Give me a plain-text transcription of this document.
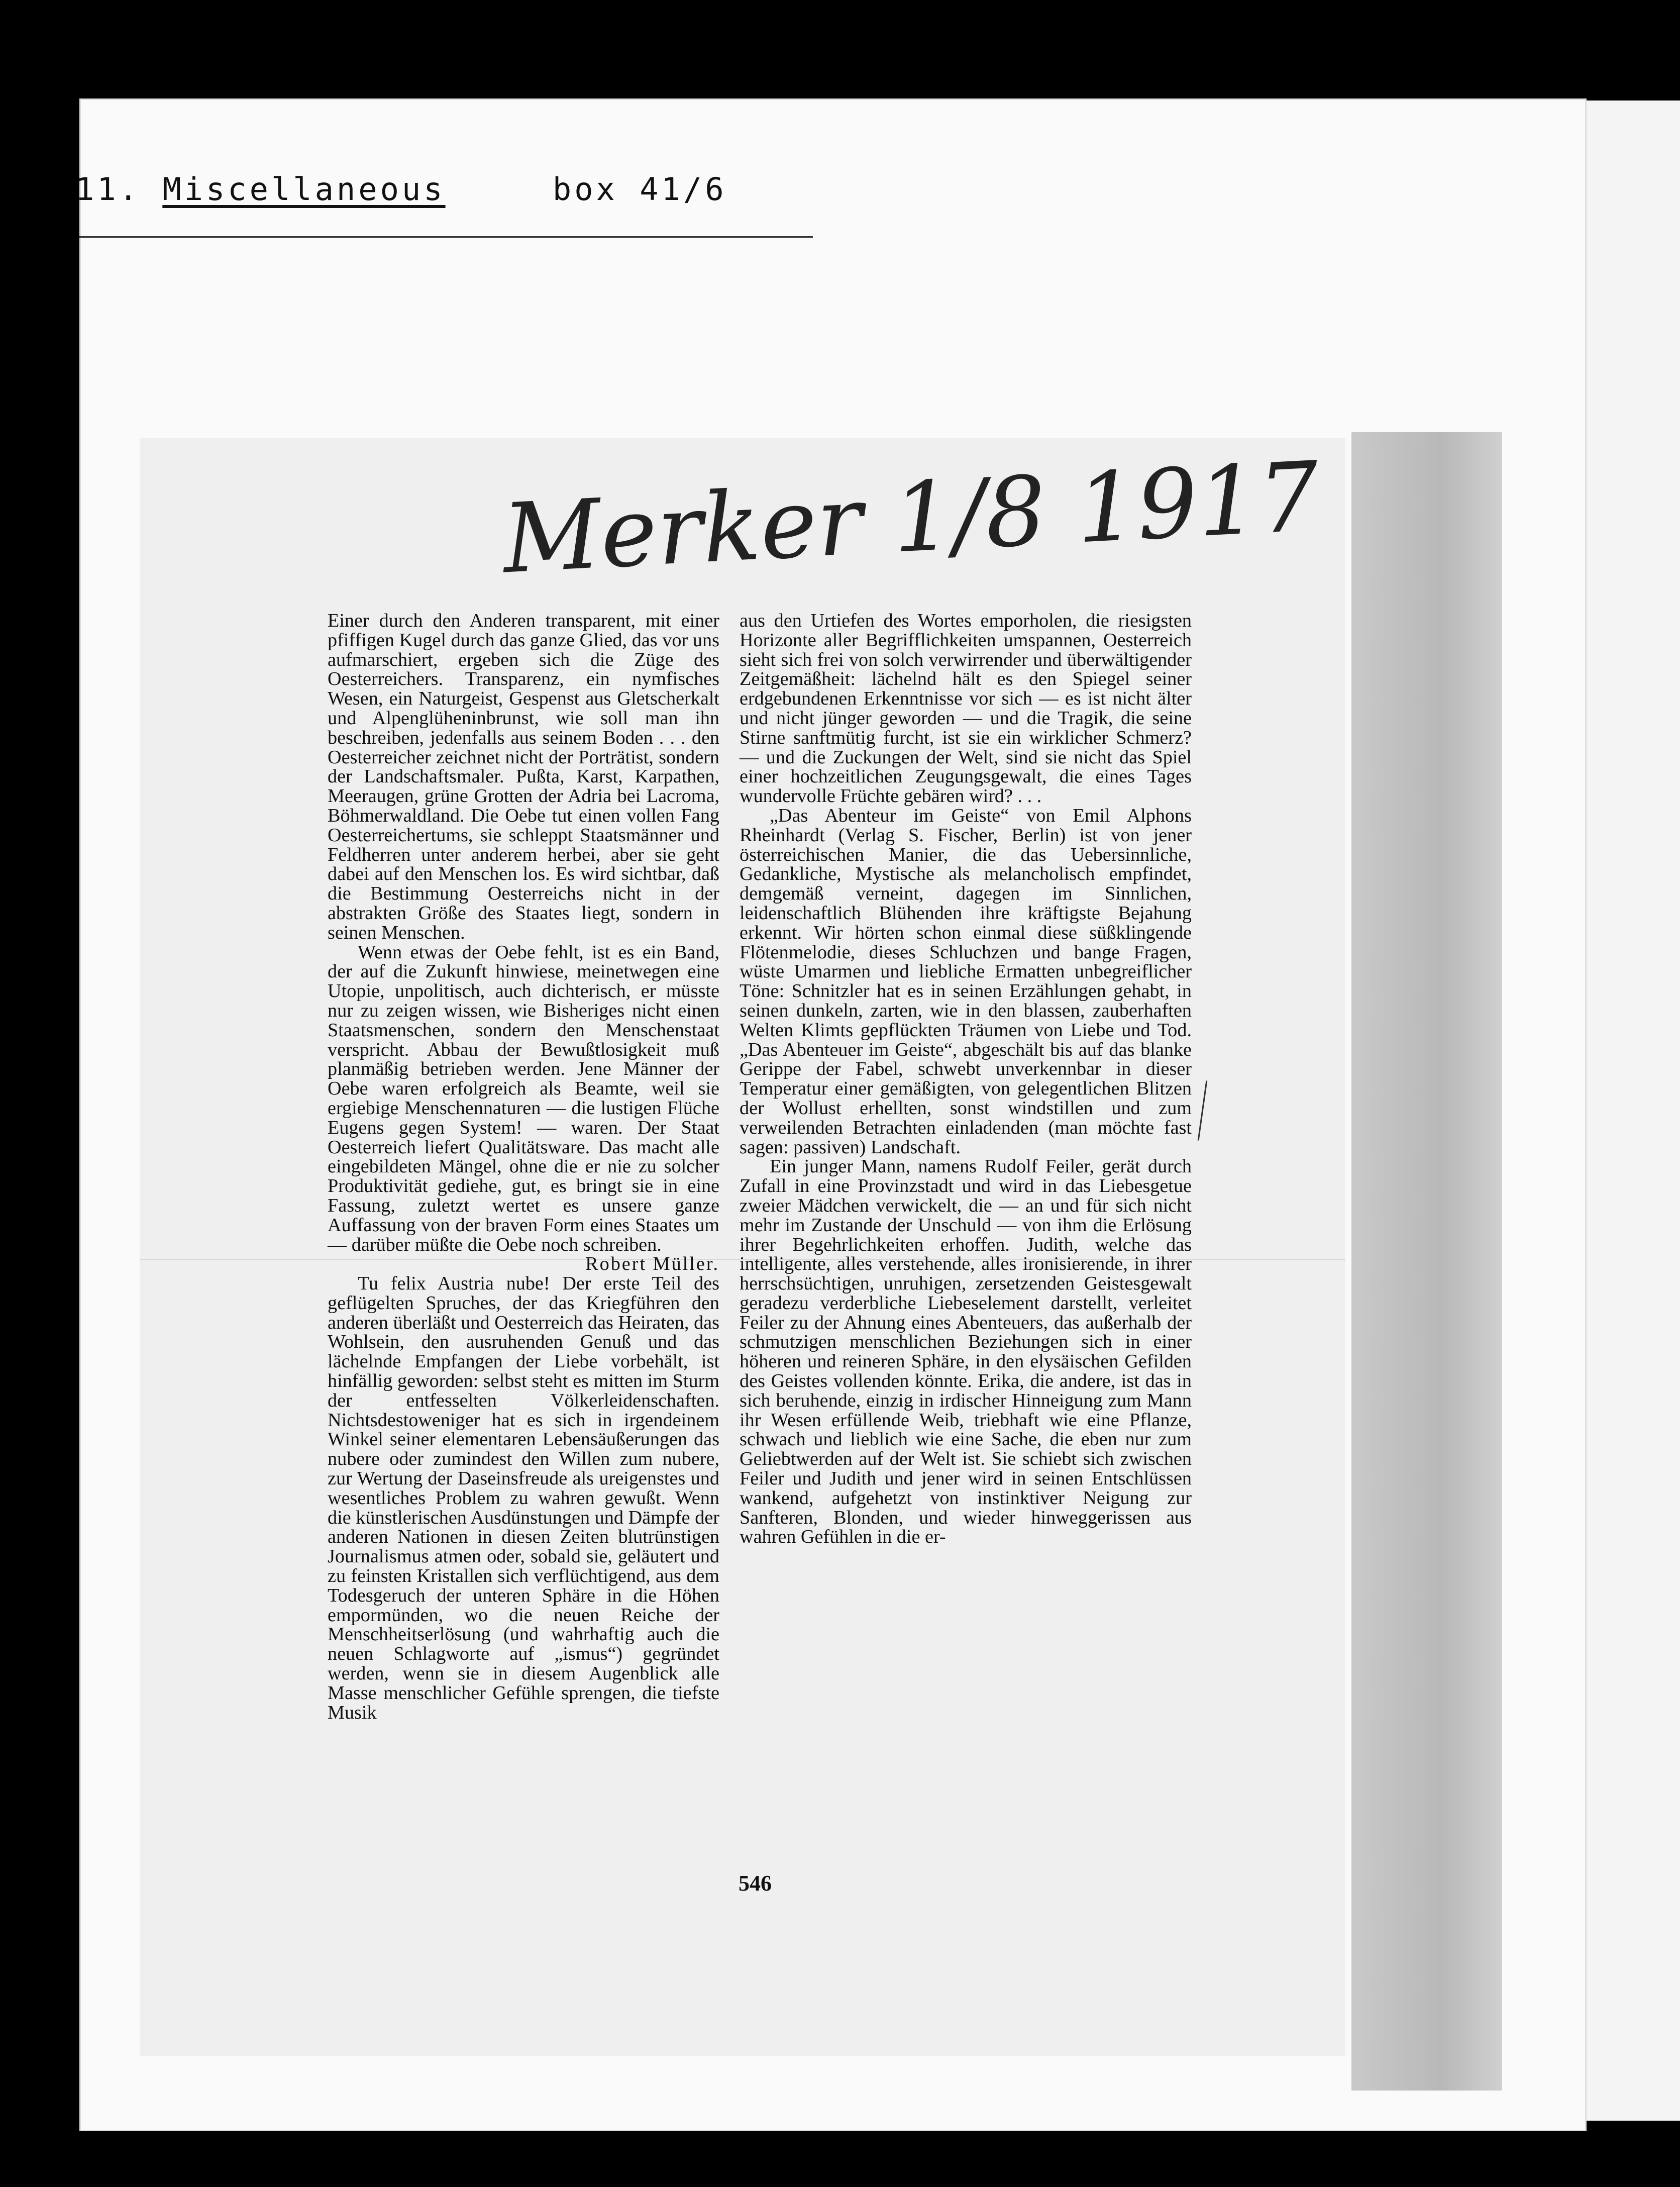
11. Miscellaneous	box 41/6
Merker 1/8 1917

Einer durch den Anderen transparent, mit einer pfiffigen Kugel durch das ganze Glied, das vor uns aufmarschiert, ergeben sich die Züge des Oesterreichers. Transparenz, ein nymfisches Wesen, ein Naturgeist, Gespenst aus Gletscherkalt und Alpenglüheninbrunst, wie soll man ihn beschreiben, jedenfalls aus seinem Boden . . . den Oesterreicher zeichnet nicht der Porträtist, sondern der Landschaftsmaler. Pußta, Karst, Karpathen, Meeraugen, grüne Grotten der Adria bei Lacroma, Böhmerwaldland. Die Oebe tut einen vollen Fang Oesterreichertums, sie schleppt Staatsmänner und Feldherren unter anderem herbei, aber sie geht dabei auf den Menschen los. Es wird sichtbar, daß die Bestimmung Oesterreichs nicht in der abstrakten Größe des Staates liegt, sondern in seinen Menschen.

Wenn etwas der Oebe fehlt, ist es ein Band, der auf die Zukunft hinwiese, meinetwegen eine Utopie, unpolitisch, auch dichterisch, er müsste nur zu zeigen wissen, wie Bisheriges nicht einen Staatsmenschen, sondern den Menschenstaat verspricht. Abbau der Bewußtlosigkeit muß planmäßig betrieben werden. Jene Männer der Oebe waren erfolgreich als Beamte, weil sie ergiebige Menschennaturen — die lustigen Flüche Eugens gegen System! — waren. Der Staat Oesterreich liefert Qualitätsware. Das macht alle eingebildeten Mängel, ohne die er nie zu solcher Produktivität gediehe, gut, es bringt sie in eine Fassung, zuletzt wertet es unsere ganze Auffassung von der braven Form eines Staates um — darüber müßte die Oebe noch schreiben.

Robert Müller.

Tu felix Austria nube! Der erste Teil des geflügelten Spruches, der das Kriegführen den anderen überläßt und Oesterreich das Heiraten, das Wohlsein, den ausruhenden Genuß und das lächelnde Empfangen der Liebe vorbehält, ist hinfällig geworden: selbst steht es mitten im Sturm der entfesselten Völkerleidenschaften. Nichtsdestoweniger hat es sich in irgendeinem Winkel seiner elementaren Lebensäußerungen das nubere oder zumindest den Willen zum nubere, zur Wertung der Daseinsfreude als ureigenstes und wesentliches Problem zu wahren gewußt. Wenn die künstlerischen Ausdünstungen und Dämpfe der anderen Nationen in diesen Zeiten blutrünstigen Journalismus atmen oder, sobald sie, geläutert und zu feinsten Kristallen sich verflüchtigend, aus dem Todesgeruch der unteren Sphäre in die Höhen empormünden, wo die neuen Reiche der Menschheitserlösung (und wahrhaftig auch die neuen Schlagworte auf „ismus“) gegründet werden, wenn sie in diesem Augenblick alle Masse menschlicher Gefühle sprengen, die tiefste Musik

aus den Urtiefen des Wortes emporholen, die riesigsten Horizonte aller Begrifflichkeiten umspannen, Oesterreich sieht sich frei von solch verwirrender und überwältigender Zeitgemäßheit: lächelnd hält es den Spiegel seiner erdgebundenen Erkenntnisse vor sich — es ist nicht älter und nicht jünger geworden — und die Tragik, die seine Stirne sanftmütig furcht, ist sie ein wirklicher Schmerz? — und die Zuckungen der Welt, sind sie nicht das Spiel einer hochzeitlichen Zeugungsgewalt, die eines Tages wundervolle Früchte gebären wird? . . .

„Das Abenteur im Geiste“ von Emil Alphons Rheinhardt (Verlag S. Fischer, Berlin) ist von jener österreichischen Manier, die das Uebersinnliche, Gedankliche, Mystische als melancholisch empfindet, demgemäß verneint, dagegen im Sinnlichen, leidenschaftlich Blühenden ihre kräftigste Bejahung erkennt. Wir hörten schon einmal diese süßklingende Flötenmelodie, dieses Schluchzen und bange Fragen, wüste Umarmen und liebliche Ermatten unbegreiflicher Töne: Schnitzler hat es in seinen Erzählungen gehabt, in seinen dunkeln, zarten, wie in den blassen, zauberhaften Welten Klimts gepflückten Träumen von Liebe und Tod. „Das Abenteuer im Geiste“, abgeschält bis auf das blanke Gerippe der Fabel, schwebt unverkennbar in dieser Temperatur einer gemäßigten, von gelegentlichen Blitzen der Wollust erhellten, sonst windstillen und zum verweilenden Betrachten einladenden (man möchte fast sagen: passiven) Landschaft.

Ein junger Mann, namens Rudolf Feiler, gerät durch Zufall in eine Provinzstadt und wird in das Liebesgetue zweier Mädchen verwickelt, die — an und für sich nicht mehr im Zustande der Unschuld — von ihm die Erlösung ihrer Begehrlichkeiten erhoffen. Judith, welche das intelligente, alles verstehende, alles ironisierende, in ihrer herrschsüchtigen, unruhigen, zersetzenden Geistesgewalt geradezu verderbliche Liebeselement darstellt, verleitet Feiler zu der Ahnung eines Abenteuers, das außerhalb der schmutzigen menschlichen Beziehungen sich in einer höheren und reineren Sphäre, in den elysäischen Gefilden des Geistes vollenden könnte. Erika, die andere, ist das in sich beruhende, einzig in irdischer Hinneigung zum Mann ihr Wesen erfüllende Weib, triebhaft wie eine Pflanze, schwach und lieblich wie eine Sache, die eben nur zum Geliebtwerden auf der Welt ist. Sie schiebt sich zwischen Feiler und Judith und jener wird in seinen Entschlüssen wankend, aufgehetzt von instinktiver Neigung zur Sanfteren, Blonden, und wieder hinweggerissen aus wahren Gefühlen in die er-

546
